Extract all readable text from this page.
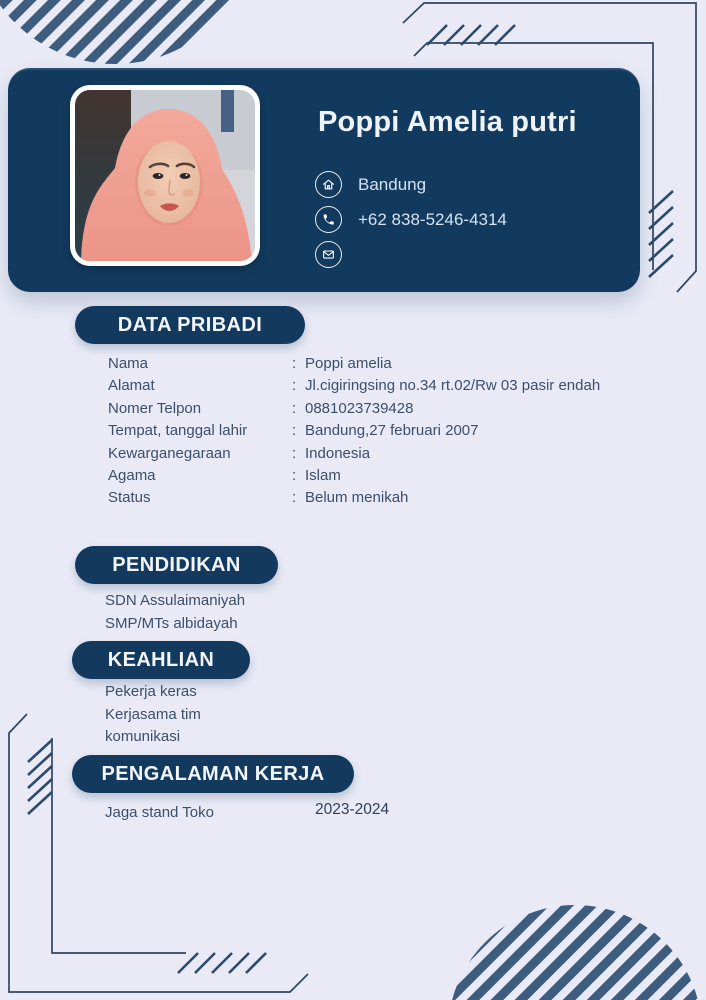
Poppi Amelia putri
Bandung
+62 838-5246-4314
DATA PRIBADI
Nama :	Poppi amelia
Alamat :	Jl.cigiringsing no.34 rt.02/Rw 03 pasir endah
Nomer Telpon :	0881023739428
Tempat, tanggal lahir :	Bandung,27 februari 2007
Kewarganegaraan :	Indonesia
Agama :	Islam
Status :	Belum menikah
PENDIDIKAN
SDN Assulaimaniyah
SMP/MTs albidayah
KEAHLIAN
Pekerja keras
Kerjasama tim
komunikasi
PENGALAMAN KERJA
Jaga stand Toko	2023-2024
